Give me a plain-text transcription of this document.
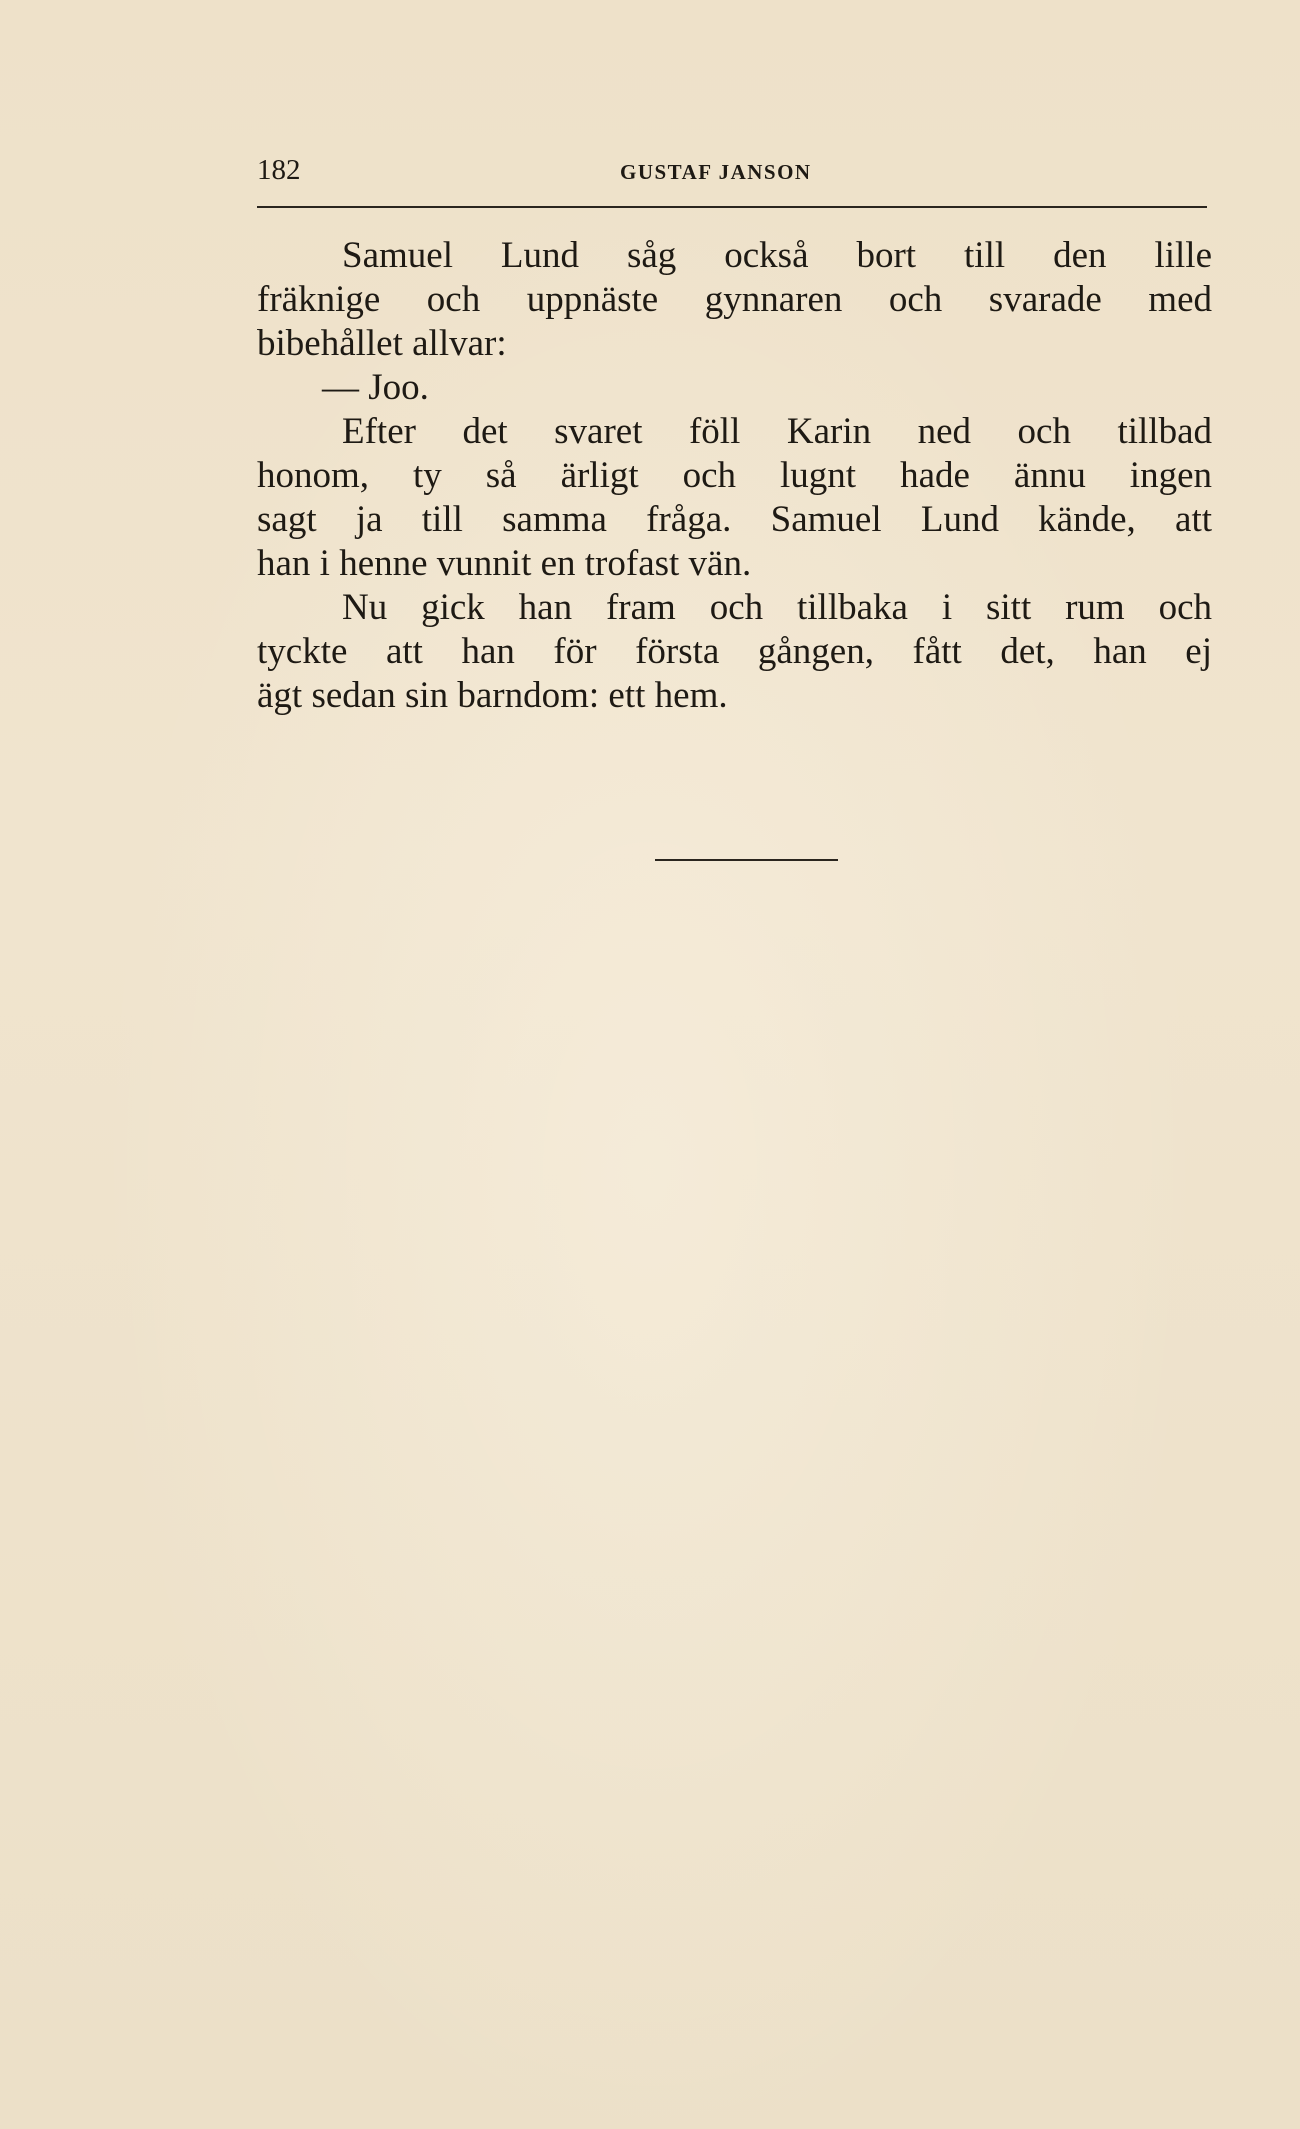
182	GUSTAF JANSON
Samuel Lund såg också bort till den lille
fräknige och uppnäste gynnaren och svarade med
bibehållet allvar:
— Joo.
Efter det svaret föll Karin ned och tillbad
honom, ty så ärligt och lugnt hade ännu ingen
sagt ja till samma fråga. Samuel Lund kände, att
han i henne vunnit en trofast vän.
Nu gick han fram och tillbaka i sitt rum och
tyckte att han för första gången, fått det, han ej
ägt sedan sin barndom: ett hem.
